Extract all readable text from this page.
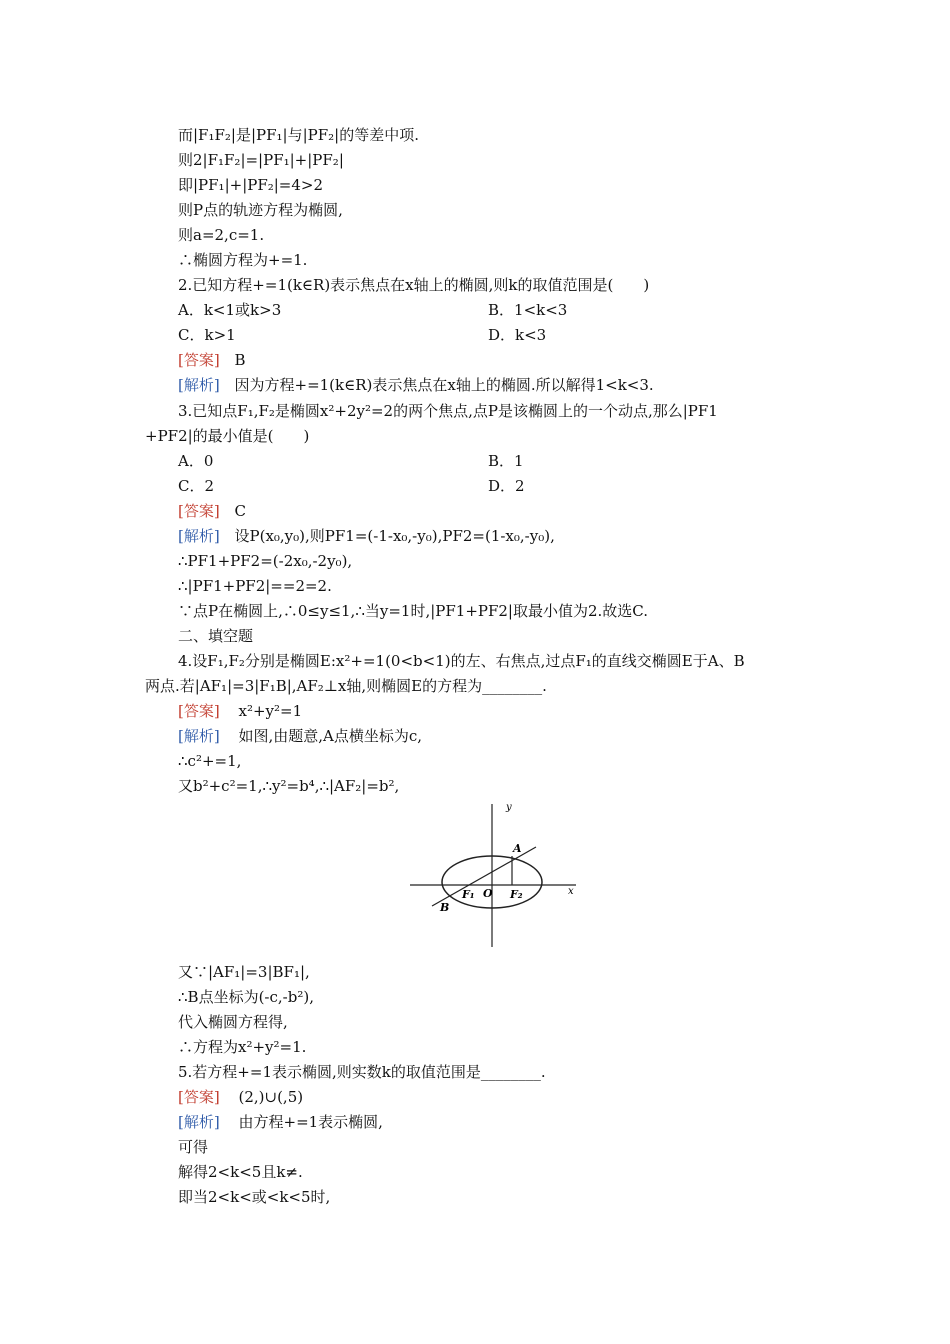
而|F₁F₂|是|PF₁|与|PF₂|的等差中项.
则2|F₁F₂|=|PF₁|+|PF₂|
即|PF₁|+|PF₂|=4>2
则P点的轨迹方程为椭圆,
则a=2,c=1.
∴椭圆方程为+=1.
2.已知方程+=1(k∈R)表示焦点在x轴上的椭圆,则k的取值范围是(　　)
A．k<1或k>3	B．1<k<3
C．k>1	D．k<3
[答案] B
[解析] 因为方程+=1(k∈R)表示焦点在x轴上的椭圆.所以解得1<k<3.
3.已知点F₁,F₂是椭圆x²+2y²=2的两个焦点,点P是该椭圆上的一个动点,那么|PF1
+PF2|的最小值是(　　)
A．0	B．1
C．2	D．2
[答案] C
[解析] 设P(x₀,y₀),则PF1=(-1-x₀,-y₀),PF2=(1-x₀,-y₀),
∴PF1+PF2=(-2x₀,-2y₀),
∴|PF1+PF2|==2=2.
∵点P在椭圆上,∴0≤y≤1,∴当y=1时,|PF1+PF2|取最小值为2.故选C.
二、填空题
4.设F₁,F₂分别是椭圆E:x²+=1(0<b<1)的左、右焦点,过点F₁的直线交椭圆E于A、B
两点.若|AF₁|=3|F₁B|,AF₂⊥x轴,则椭圆E的方程为________.
[答案] x²+y²=1
[解析] 如图,由题意,A点横坐标为c,
∴c²+=1,
又b²+c²=1,∴y²=b⁴,∴|AF₂|=b²,
y
x
A
B
O
F₁	F₂
又∵|AF₁|=3|BF₁|,
∴B点坐标为(-c,-b²),
代入椭圆方程得,
∴方程为x²+y²=1.
5.若方程+=1表示椭圆,则实数k的取值范围是________.
[答案] (2,)∪(,5)
[解析] 由方程+=1表示椭圆,
可得
解得2<k<5且k≠.
即当2<k<或<k<5时,
